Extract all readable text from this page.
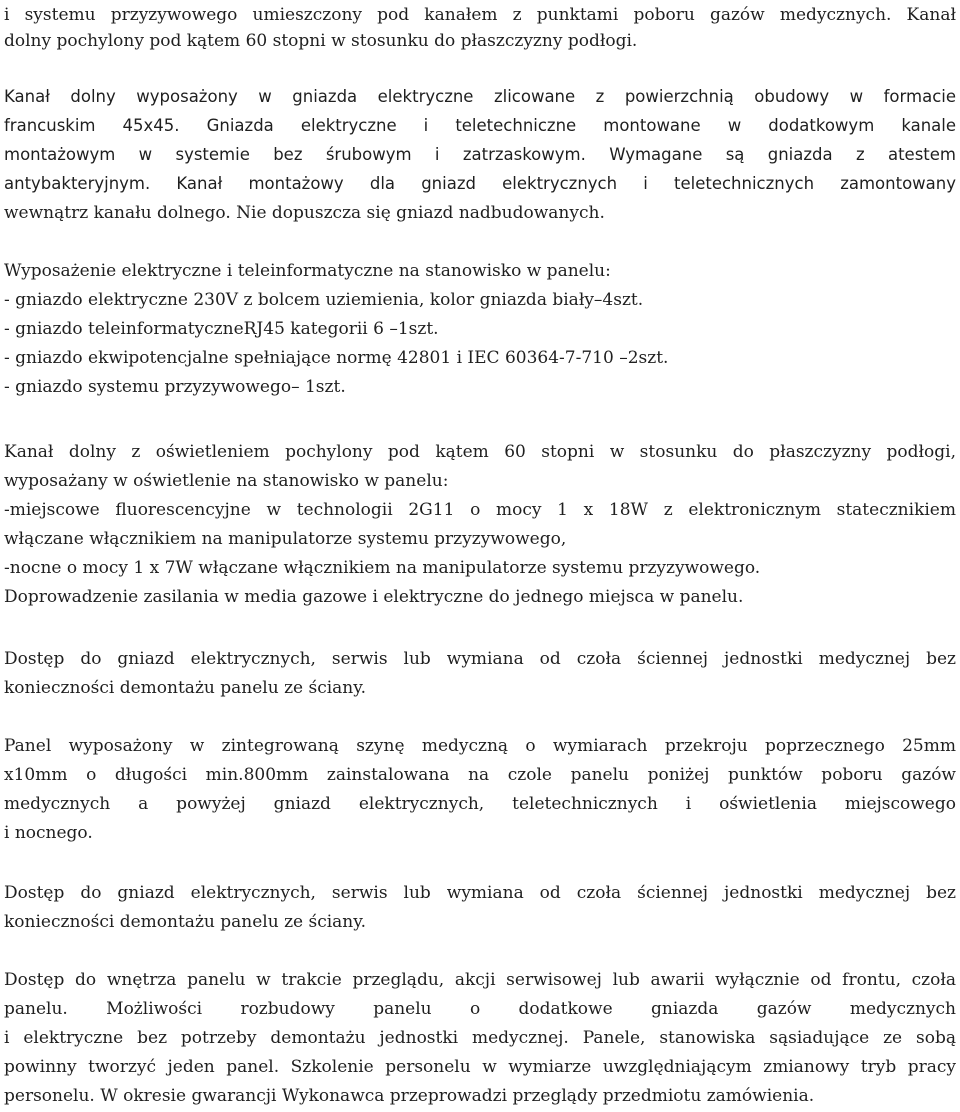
i systemu przyzywowego umieszczony pod kanałem z punktami poboru gazów medycznych. Kanał
dolny pochylony pod kątem 60 stopni w stosunku do płaszczyzny podłogi.
Kanał dolny wyposażony w gniazda elektryczne zlicowane z powierzchnią obudowy w formacie
francuskim 45x45. Gniazda elektryczne i teletechniczne montowane w dodatkowym kanale
montażowym w systemie bez śrubowym i zatrzaskowym. Wymagane są gniazda z atestem
antybakteryjnym. Kanał montażowy dla gniazd elektrycznych i teletechnicznych zamontowany
wewnątrz kanału dolnego. Nie dopuszcza się gniazd nadbudowanych.
Wyposażenie elektryczne i teleinformatyczne na stanowisko w panelu:
- gniazdo elektryczne 230V z bolcem uziemienia, kolor gniazda biały–4szt.
- gniazdo teleinformatyczneRJ45 kategorii 6 –1szt.
- gniazdo ekwipotencjalne spełniające normę 42801 i IEC 60364-7-710 –2szt.
- gniazdo systemu przyzywowego– 1szt.
Kanał dolny z oświetleniem pochylony pod kątem 60 stopni w stosunku do płaszczyzny podłogi,
wyposażany w oświetlenie na stanowisko w panelu:
-miejscowe fluorescencyjne w technologii 2G11 o mocy 1 x 18W z elektronicznym statecznikiem
włączane włącznikiem na manipulatorze systemu przyzywowego,
-nocne o mocy 1 x 7W włączane włącznikiem na manipulatorze systemu przyzywowego.
Doprowadzenie zasilania w media gazowe i elektryczne do jednego miejsca w panelu.
Dostęp do gniazd elektrycznych, serwis lub wymiana od czoła ściennej jednostki medycznej bez
konieczności demontażu panelu ze ściany.
Panel wyposażony w zintegrowaną szynę medyczną o wymiarach przekroju poprzecznego 25mm
x10mm o długości min.800mm zainstalowana na czole panelu poniżej punktów poboru gazów
medycznych a powyżej gniazd elektrycznych, teletechnicznych i oświetlenia miejscowego
i nocnego.
Dostęp do gniazd elektrycznych, serwis lub wymiana od czoła ściennej jednostki medycznej bez
konieczności demontażu panelu ze ściany.
Dostęp do wnętrza panelu w trakcie przeglądu, akcji serwisowej lub awarii wyłącznie od frontu, czoła
panelu. Możliwości rozbudowy panelu o dodatkowe gniazda gazów medycznych
i elektryczne bez potrzeby demontażu jednostki medycznej. Panele, stanowiska sąsiadujące ze sobą
powinny tworzyć jeden panel. Szkolenie personelu w wymiarze uwzględniającym zmianowy tryb pracy
personelu. W okresie gwarancji Wykonawca przeprowadzi przeglądy przedmiotu zamówienia.
